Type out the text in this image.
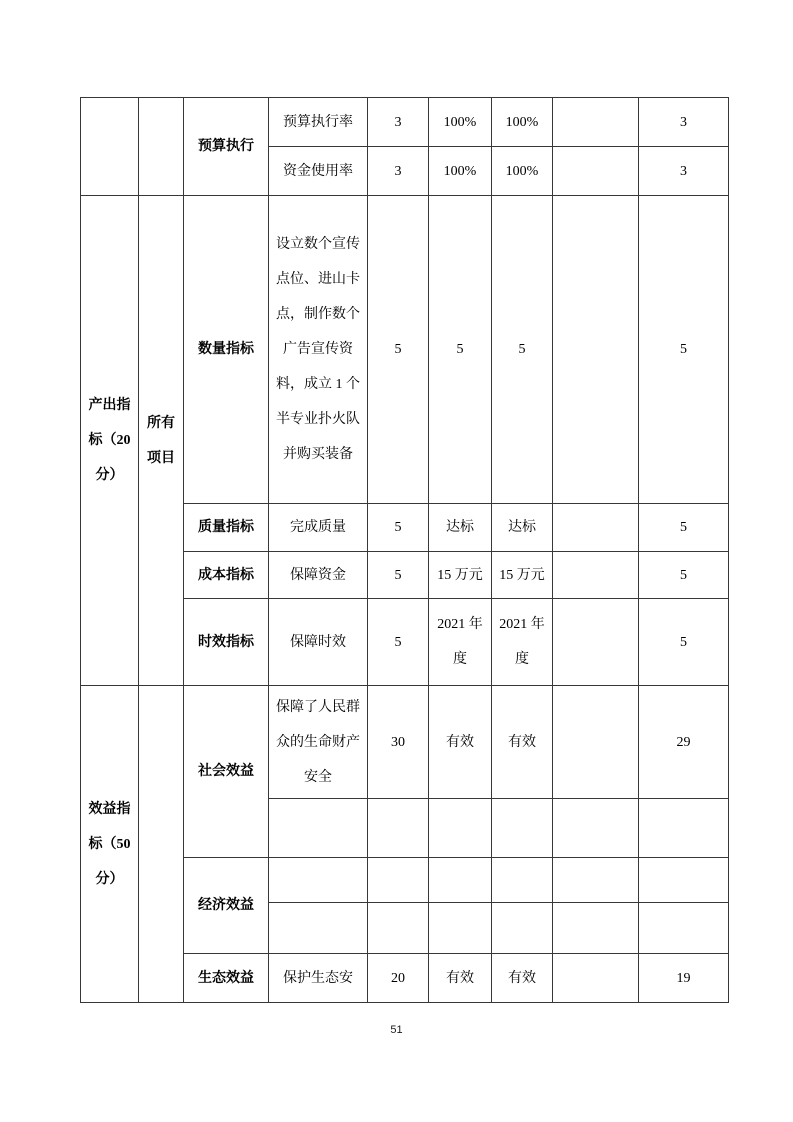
		预算执行	预算执行率	3	100%	100%		3
			资金使用率	3	100%	100%		3
产出指标（20 分）	所有项目	数量指标	设立数个宣传点位、进山卡点，制作数个广告宣传资料，成立 1 个半专业扑火队并购买装备	5	5	5		5
		质量指标	完成质量	5	达标	达标		5
		成本指标	保障资金	5	15 万元	15 万元		5
		时效指标	保障时效	5	2021 年度	2021 年度		5
效益指标（50 分）		社会效益	保障了人民群众的生命财产安全	30	有效	有效		29

		经济效益						

		生态效益	保护生态安	20	有效	有效		19
51
